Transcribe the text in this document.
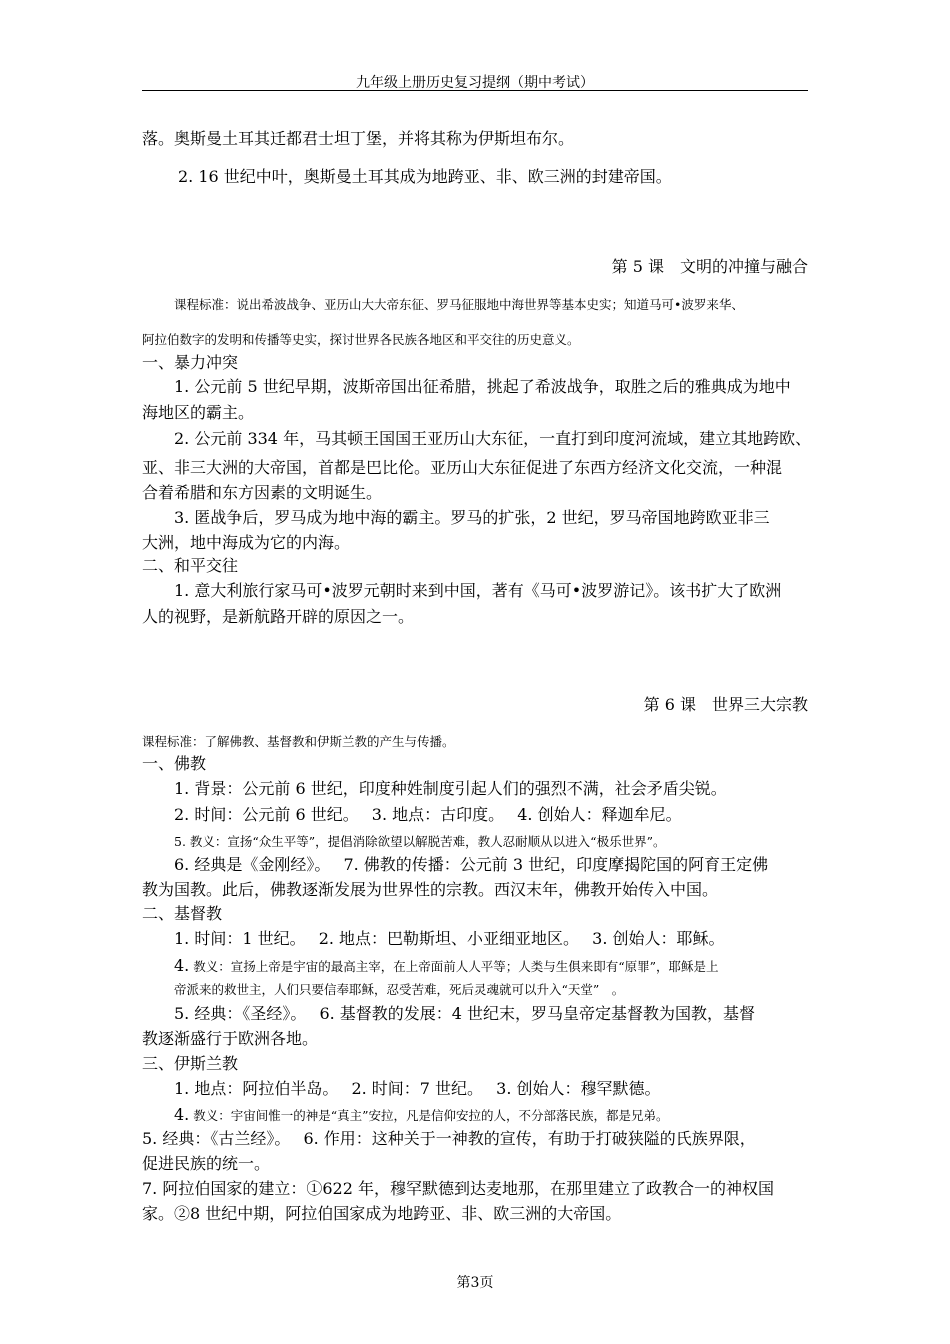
九年级上册历史复习提纲（期中考试）
落。奥斯曼土耳其迁都君士坦丁堡，并将其称为伊斯坦布尔。
2. 16 世纪中叶，奥斯曼土耳其成为地跨亚、非、欧三洲的封建帝国。
第 5 课　文明的冲撞与融合
课程标准：说出希波战争、亚历山大大帝东征、罗马征服地中海世界等基本史实；知道马可•波罗来华、
阿拉伯数字的发明和传播等史实，探讨世界各民族各地区和平交往的历史意义。
一、暴力冲突
1. 公元前 5 世纪早期，波斯帝国出征希腊，挑起了希波战争，取胜之后的雅典成为地中
海地区的霸主。
2. 公元前 334 年，马其顿王国国王亚历山大东征，一直打到印度河流域，建立其地跨欧、
亚、非三大洲的大帝国，首都是巴比伦。亚历山大东征促进了东西方经济文化交流，一种混
合着希腊和东方因素的文明诞生。
3. 匿战争后，罗马成为地中海的霸主。罗马的扩张，2 世纪，罗马帝国地跨欧亚非三
大洲，地中海成为它的内海。
二、和平交往
1. 意大利旅行家马可•波罗元朝时来到中国，著有《马可•波罗游记》。该书扩大了欧洲
人的视野，是新航路开辟的原因之一。
第 6 课　世界三大宗教
课程标准：了解佛教、基督教和伊斯兰教的产生与传播。
一、佛教
1. 背景：公元前 6 世纪，印度种姓制度引起人们的强烈不满，社会矛盾尖锐。
2. 时间：公元前 6 世纪。　 3. 地点：古印度。　 4. 创始人：释迦牟尼。
5. 教义：宣扬“众生平等”，提倡消除欲望以解脱苦难，教人忍耐顺从以进入“极乐世界”。
6. 经典是《金刚经》。　 7. 佛教的传播：公元前 3 世纪，印度摩揭陀国的阿育王定佛
教为国教。此后，佛教逐渐发展为世界性的宗教。西汉末年，佛教开始传入中国。
二、基督教
1. 时间：1 世纪。　 2. 地点：巴勒斯坦、小亚细亚地区。　 3. 创始人：耶稣。
4. 教义：宣扬上帝是宇宙的最高主宰，在上帝面前人人平等；人类与生俱来即有“原罪”，耶稣是上
帝派来的救世主，人们只要信奉耶稣，忍受苦难，死后灵魂就可以升入“天堂”　。
5. 经典：《圣经》。　 6. 基督教的发展：4 世纪末，罗马皇帝定基督教为国教，基督
教逐渐盛行于欧洲各地。
三、伊斯兰教
1. 地点：阿拉伯半岛。　 2. 时间：7 世纪。　 3. 创始人：穆罕默德。
4. 教义：宇宙间惟一的神是“真主”安拉，凡是信仰安拉的人，不分部落民族，都是兄弟。
5. 经典：《古兰经》。　 6. 作用：这种关于一神教的宣传，有助于打破狭隘的氏族界限，
促进民族的统一。
7. 阿拉伯国家的建立：①622 年，穆罕默德到达麦地那，在那里建立了政教合一的神权国
家。②8 世纪中期，阿拉伯国家成为地跨亚、非、欧三洲的大帝国。
第3页
